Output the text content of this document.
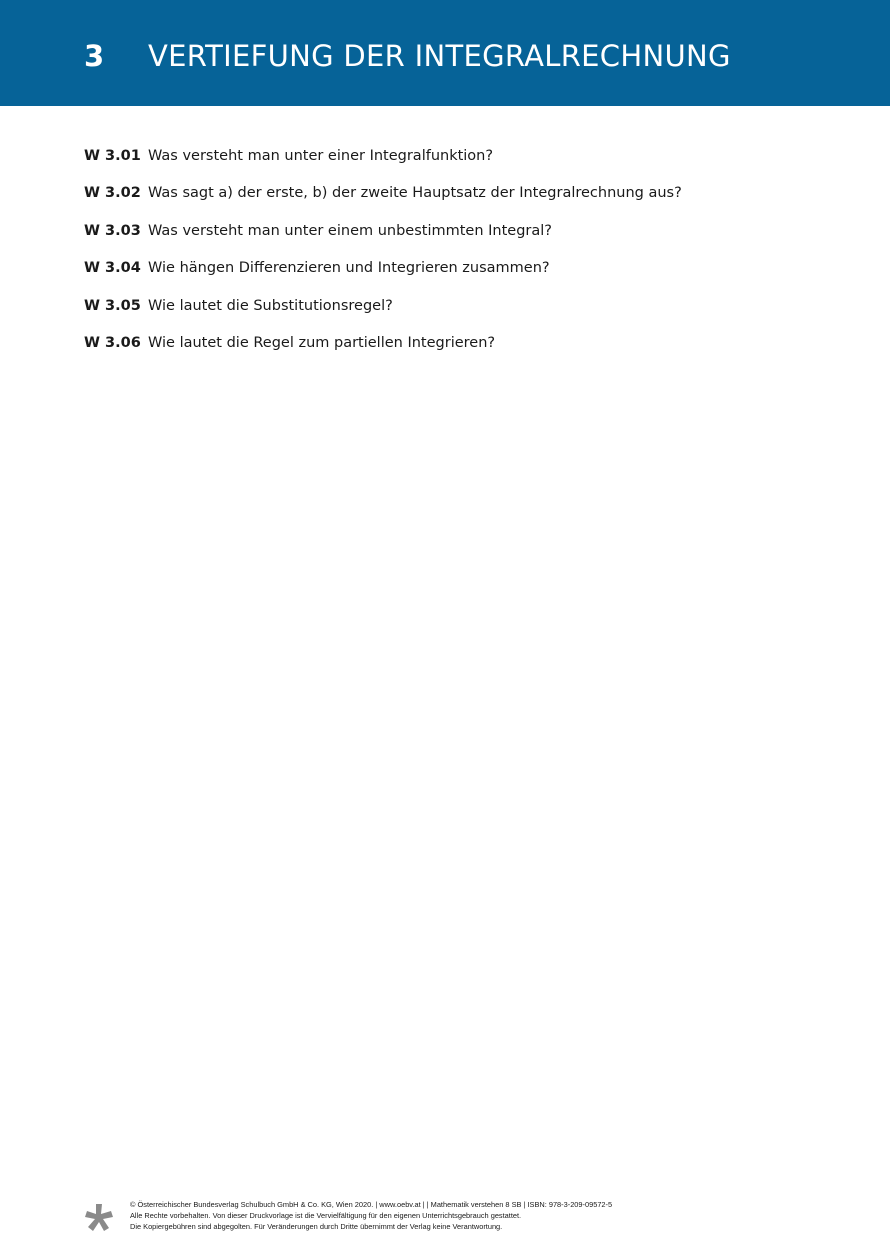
3 VERTIEFUNG DER INTEGRALRECHNUNG
W 3.01 Was versteht man unter einer Integralfunktion?
W 3.02 Was sagt a) der erste, b) der zweite Hauptsatz der Integralrechnung aus?
W 3.03 Was versteht man unter einem unbestimmten Integral?
W 3.04 Wie hängen Differenzieren und Integrieren zusammen?
W 3.05 Wie lautet die Substitutionsregel?
W 3.06 Wie lautet die Regel zum partiellen Integrieren?
© Österreichischer Bundesverlag Schulbuch GmbH & Co. KG, Wien 2020. | www.oebv.at | | Mathematik verstehen 8 SB | ISBN: 978-3-209-09572-5
Alle Rechte vorbehalten. Von dieser Druckvorlage ist die Vervielfältigung für den eigenen Unterrichtsgebrauch gestattet.
Die Kopiergebühren sind abgegolten. Für Veränderungen durch Dritte übernimmt der Verlag keine Verantwortung.
